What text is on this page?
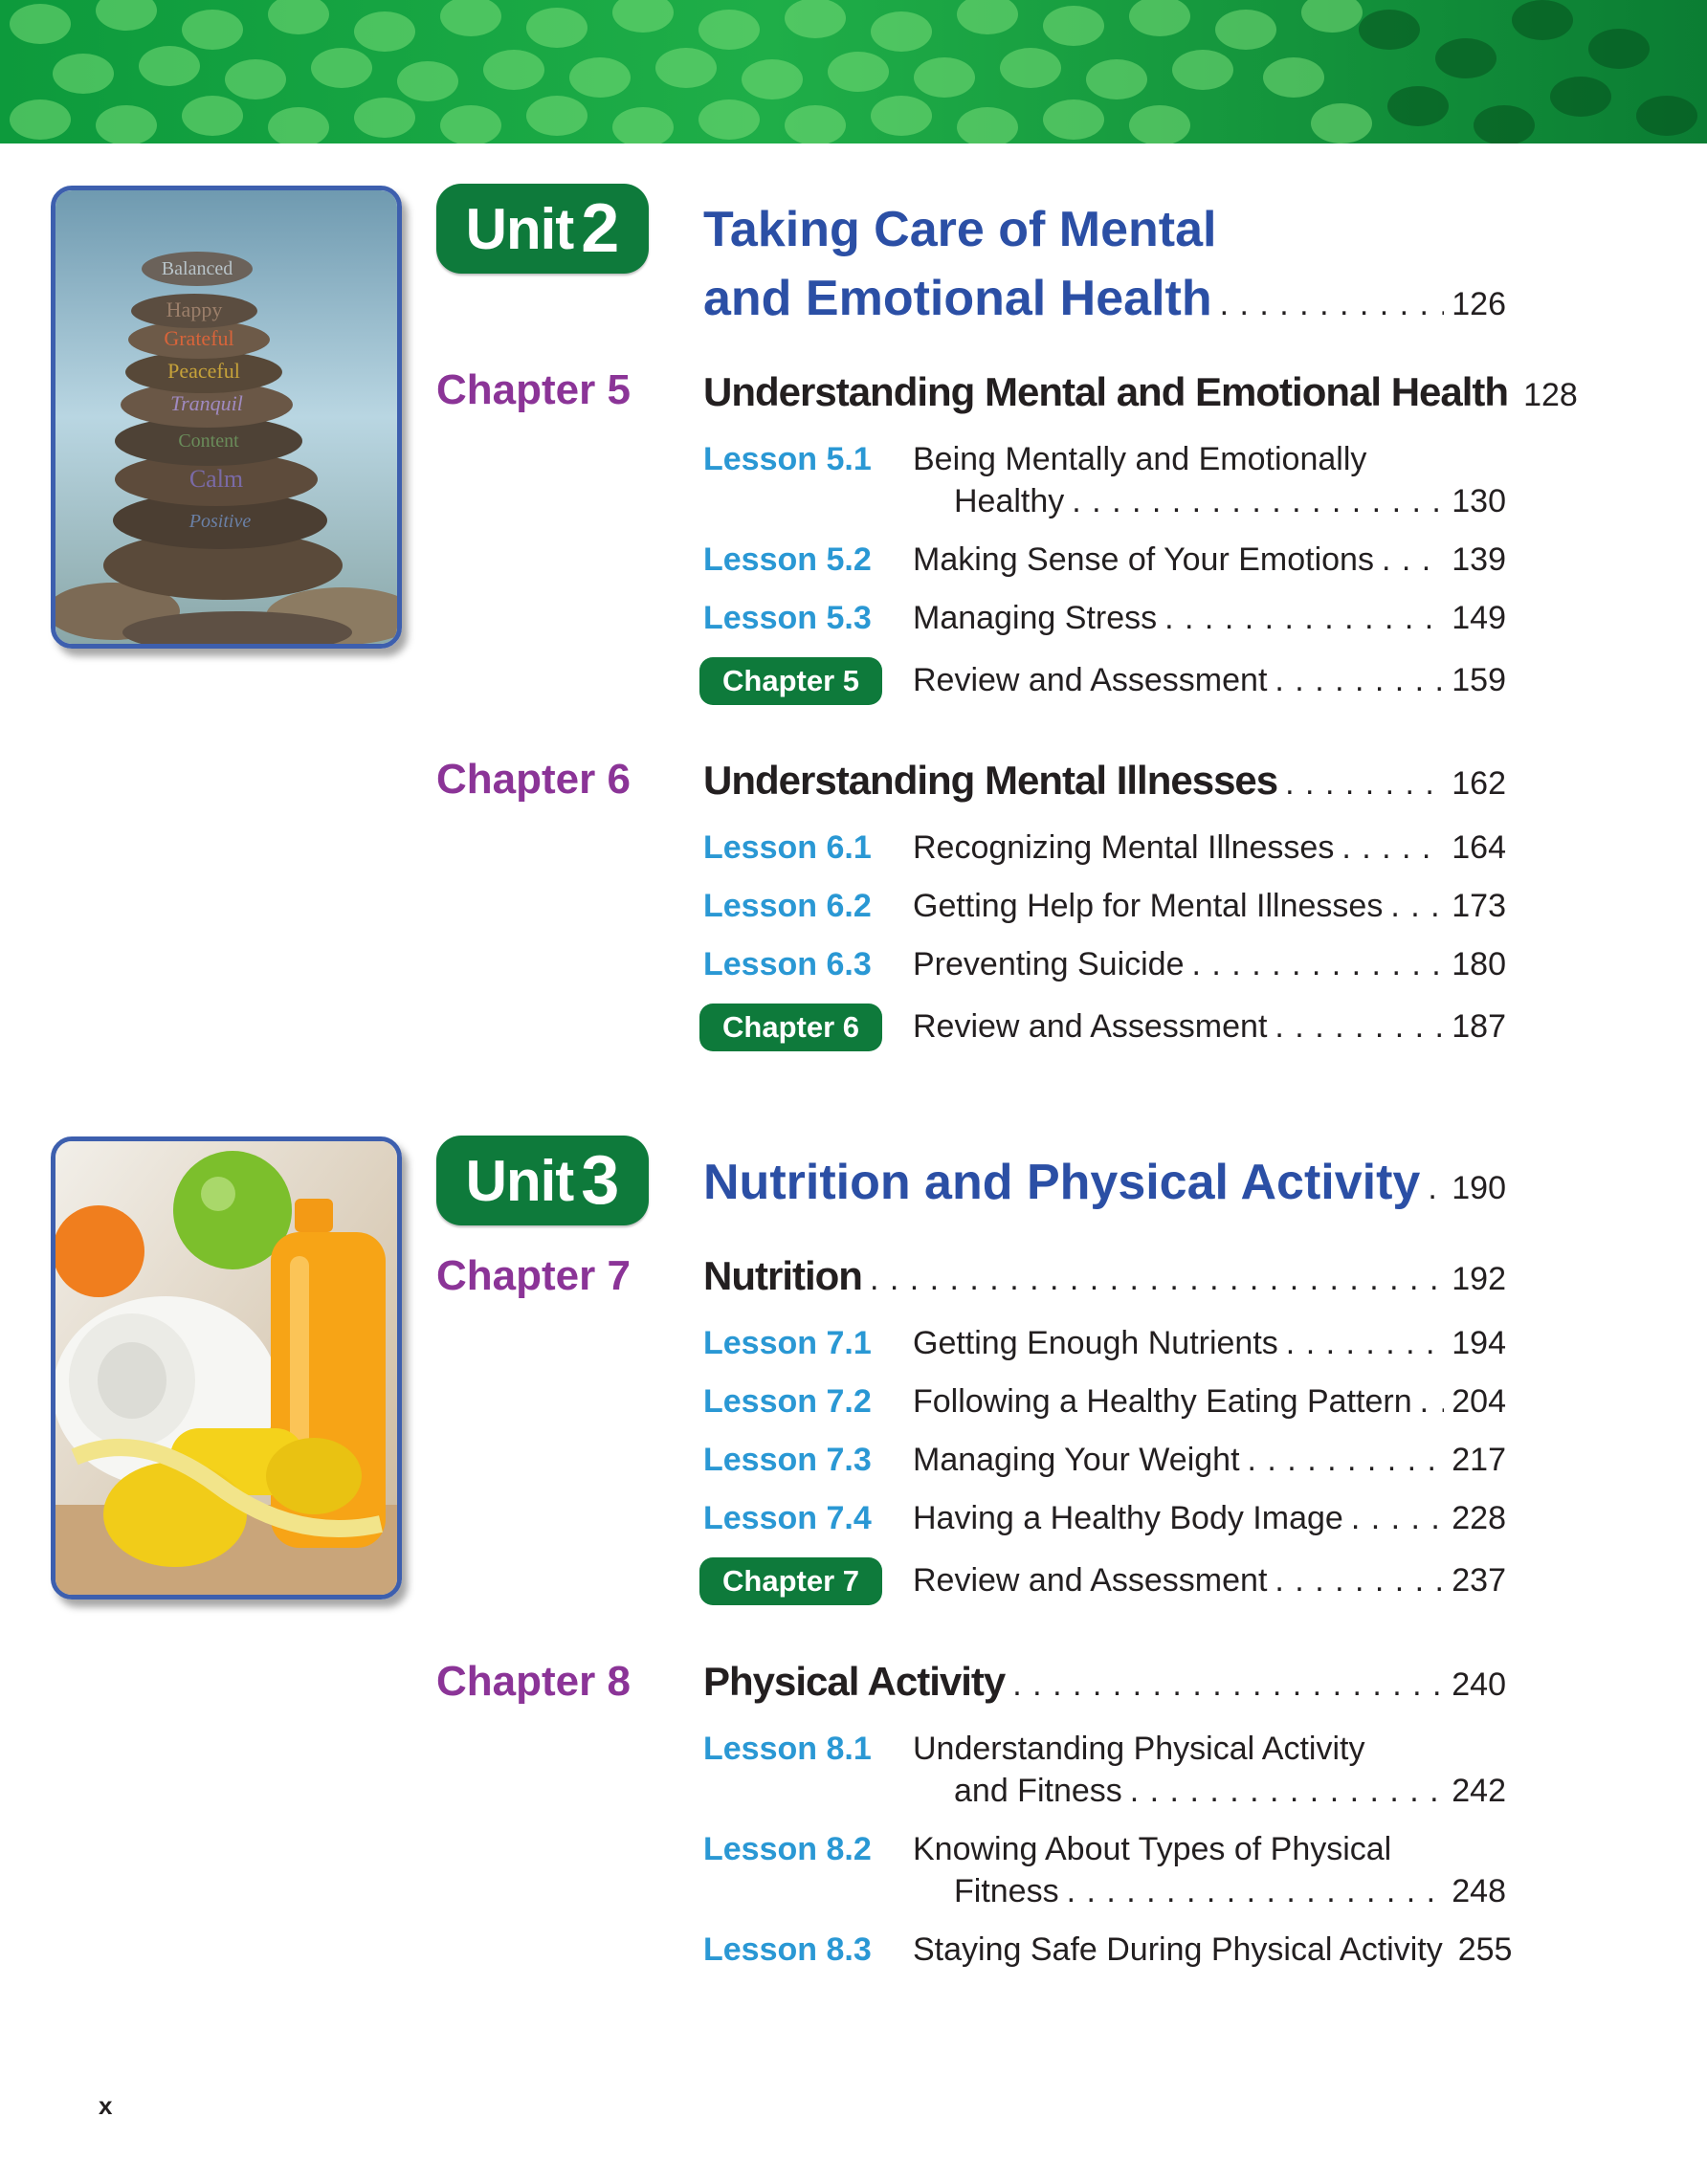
Balanced
Happy
Grateful
Peaceful
Tranquil
Content
Calm
Positive
Unit 2 Taking Care of Mental
and Emotional Health . . .	126
Chapter 5 Understanding Mental and Emotional Health 128
Lesson 5.1 Being Mentally and Emotionally
Healthy . . .	130
Lesson 5.2 Making Sense of Your Emotions . . . 139
Lesson 5.3 Managing Stress . . .	149
Chapter 5	Review and Assessment . . .	159
Chapter 6 Understanding Mental Illnesses . . .	162
Lesson 6.1 Recognizing Mental Illnesses . . .	164
Lesson 6.2 Getting Help for Mental Illnesses . . . 173
Lesson 6.3 Preventing Suicide . . .	180
Chapter 6	Review and Assessment . . .	187
Unit 3 Nutrition and Physical Activity . . . 190
Chapter 7 Nutrition . . .	192
Lesson 7.1 Getting Enough Nutrients . . .	194
Lesson 7.2 Following a Healthy Eating Pattern . . . 204
Lesson 7.3 Managing Your Weight . . .	217
Lesson 7.4 Having a Healthy Body Image . . .	228
Chapter 7	Review and Assessment . . .	237
Chapter 8 Physical Activity . . .	240
Lesson 8.1 Understanding Physical Activity
and Fitness . . .	242
Lesson 8.2 Knowing About Types of Physical
Fitness . . .	248
Lesson 8.3 Staying Safe During Physical Activity 255
x
